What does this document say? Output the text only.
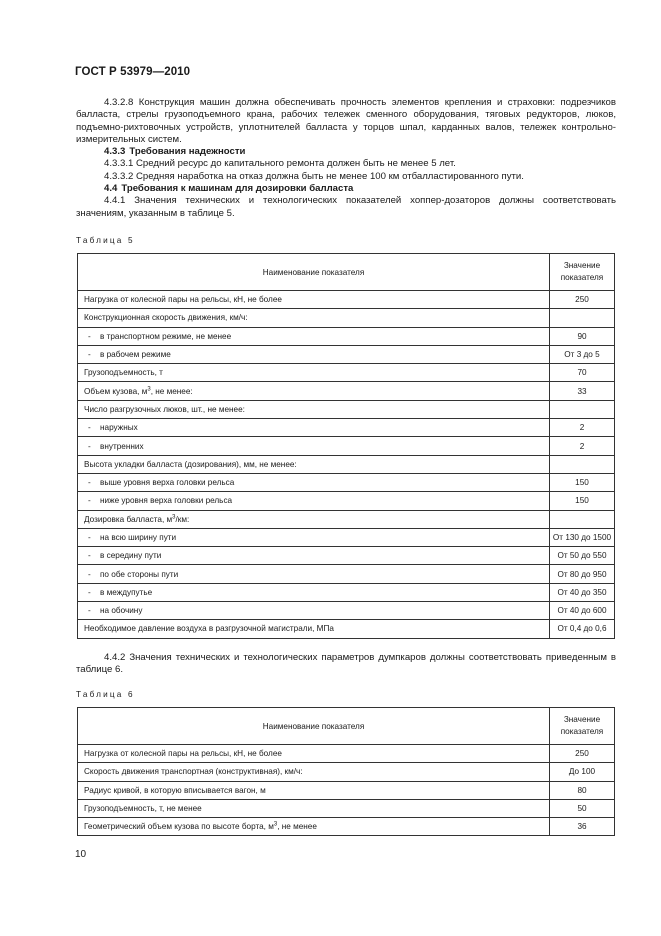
ГОСТ Р 53979—2010

4.3.2.8 Конструкция машин должна обеспечивать прочность элементов крепления и страховки: подрезчиков балласта, стрелы грузоподъемного крана, рабочих тележек сменного оборудования, тяговых редукторов, люков, подъемно-рихтовочных устройств, уплотнителей балласта у торцов шпал, карданных валов, тележек контрольно-измерительных систем.

4.3.3 Требования надежности

4.3.3.1 Средний ресурс до капитального ремонта должен быть не менее 5 лет.

4.3.3.2 Средняя наработка на отказ должна быть не менее 100 км отбалластированного пути.

4.4 Требования к машинам для дозировки балласта

4.4.1 Значения технических и технологических показателей хоппер-дозаторов должны соответствовать значениям, указанным в таблице 5.

Таблица 5
Наименование показателя	Значение показателя
Нагрузка от колесной пары на рельсы, кН, не более	250
Конструкционная скорость движения, км/ч:	

- в транспортном режиме, не менее	90

- в рабочем режиме	От 3 до 5
Грузоподъемность, т	70
Объем кузова, $м^3$, не менее:	33
Число разгрузочных люков, шт., не менее:	

- наружных	2

- внутренних	2
Высота укладки балласта (дозирования), мм, не менее:	

- выше уровня верха головки рельса	150

- ниже уровня верха головки рельса	150
Дозировка балласта, $м^3/км$:	

- на всю ширину пути	От 130 до 1500

- в середину пути	От 50 до 550

- по обе стороны пути	От 80 до 950

- в междупутье	От 40 до 350

- на обочину	От 40 до 600
Необходимое давление воздуха в разгрузочной магистрали, МПа	От 0,4 до 0,6

4.4.2 Значения технических и технологических параметров думпкаров должны соответствовать приведенным в таблице 6.

Таблица 6
Наименование показателя	Значение показателя
Нагрузка от колесной пары на рельсы, кН, не более	250
Скорость движения транспортная (конструктивная), км/ч:	До 100
Радиус кривой, в которую вписывается вагон, м	80
Грузоподъемность, т, не менее	50
Геометрический объем кузова по высоте борта, $м^3$, не менее	36
10
